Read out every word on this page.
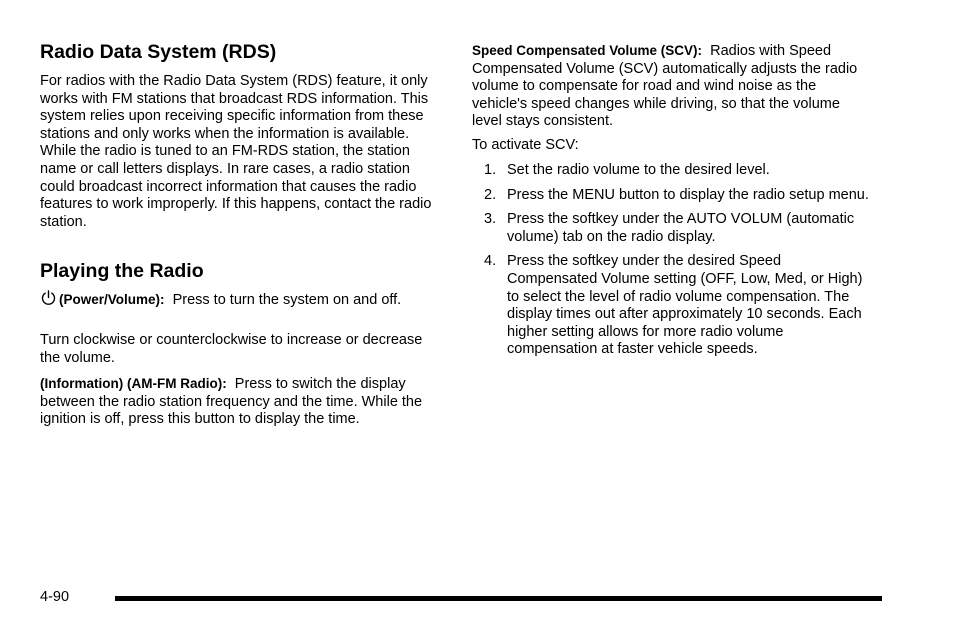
Radio Data System (RDS)

For radios with the Radio Data System (RDS) feature, it only works with FM stations that broadcast RDS information. This system relies upon receiving specific information from these stations and only works when the information is available. While the radio is tuned to an FM-RDS station, the station name or call letters displays. In rare cases, a radio station could broadcast incorrect information that causes the radio features to work improperly. If this happens, contact the radio station.

Playing the Radio

(Power/Volume): Press to turn the system on and off.

Turn clockwise or counterclockwise to increase or decrease the volume.

(Information) (AM-FM Radio): Press to switch the display between the radio station frequency and the time. While the ignition is off, press this button to display the time.

Speed Compensated Volume (SCV): Radios with Speed Compensated Volume (SCV) automatically adjusts the radio volume to compensate for road and wind noise as the vehicle's speed changes while driving, so that the volume level stays consistent.

To activate SCV:

1. Set the radio volume to the desired level.
2. Press the MENU button to display the radio setup menu.
3. Press the softkey under the AUTO VOLUM (automatic volume) tab on the radio display.
4. Press the softkey under the desired Speed Compensated Volume setting (OFF, Low, Med, or High) to select the level of radio volume compensation. The display times out after approximately 10 seconds. Each higher setting allows for more radio volume compensation at faster vehicle speeds.
4-90
